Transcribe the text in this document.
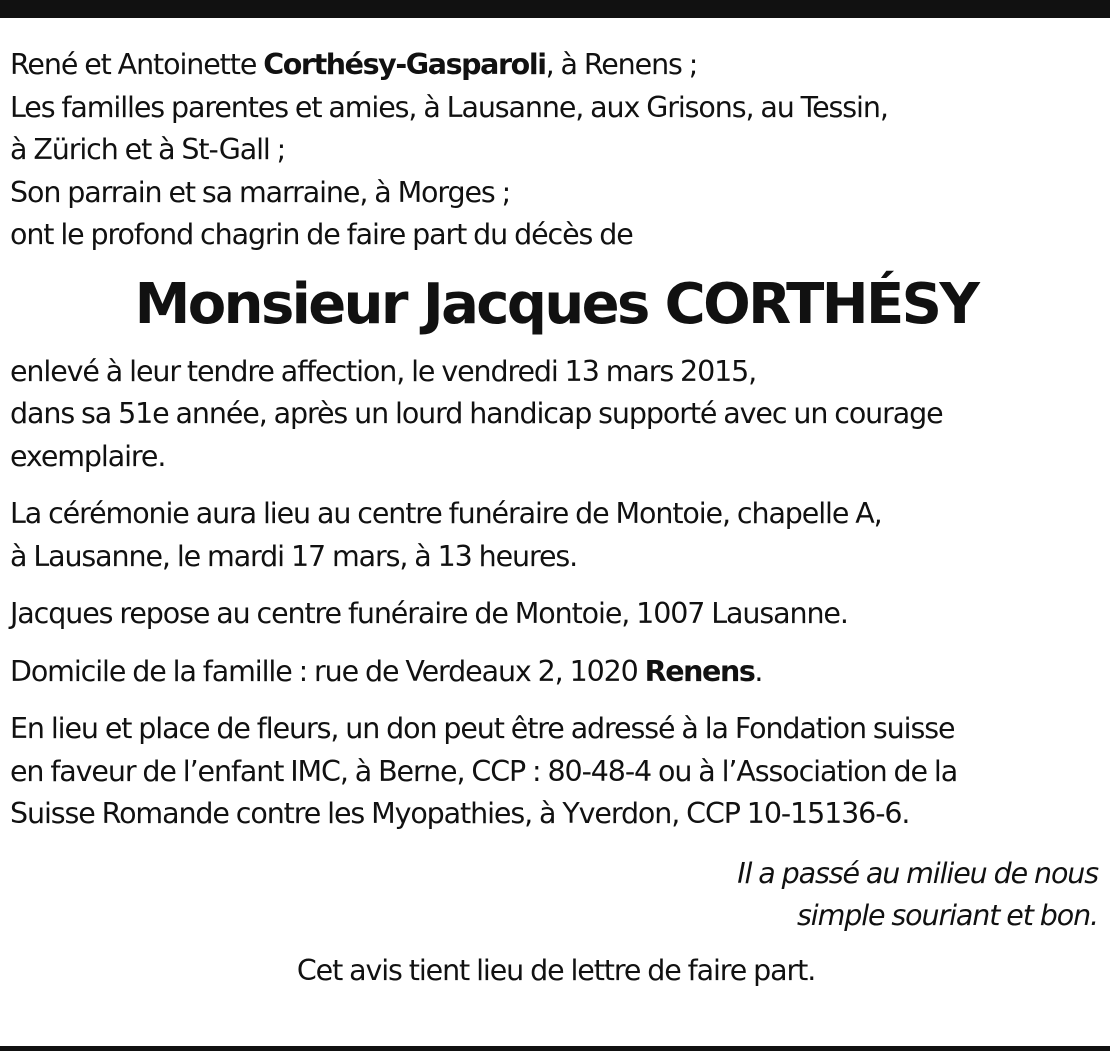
René et Antoinette Corthésy-Gasparoli, à Renens ;
Les familles parentes et amies, à Lausanne, aux Grisons, au Tessin,
à Zürich et à St-Gall ;
Son parrain et sa marraine, à Morges ;
ont le profond chagrin de faire part du décès de
Monsieur Jacques CORTHÉSY
enlevé à leur tendre affection, le vendredi 13 mars 2015,
dans sa 51e année, après un lourd handicap supporté avec un courage
exemplaire.
La cérémonie aura lieu au centre funéraire de Montoie, chapelle A,
à Lausanne, le mardi 17 mars, à 13 heures.
Jacques repose au centre funéraire de Montoie, 1007 Lausanne.
Domicile de la famille : rue de Verdeaux 2, 1020 Renens.
En lieu et place de fleurs, un don peut être adressé à la Fondation suisse
en faveur de l’enfant IMC, à Berne, CCP : 80-48-4 ou à l’Association de la
Suisse Romande contre les Myopathies, à Yverdon, CCP 10-15136-6.
Il a passé au milieu de nous
simple souriant et bon.
Cet avis tient lieu de lettre de faire part.
